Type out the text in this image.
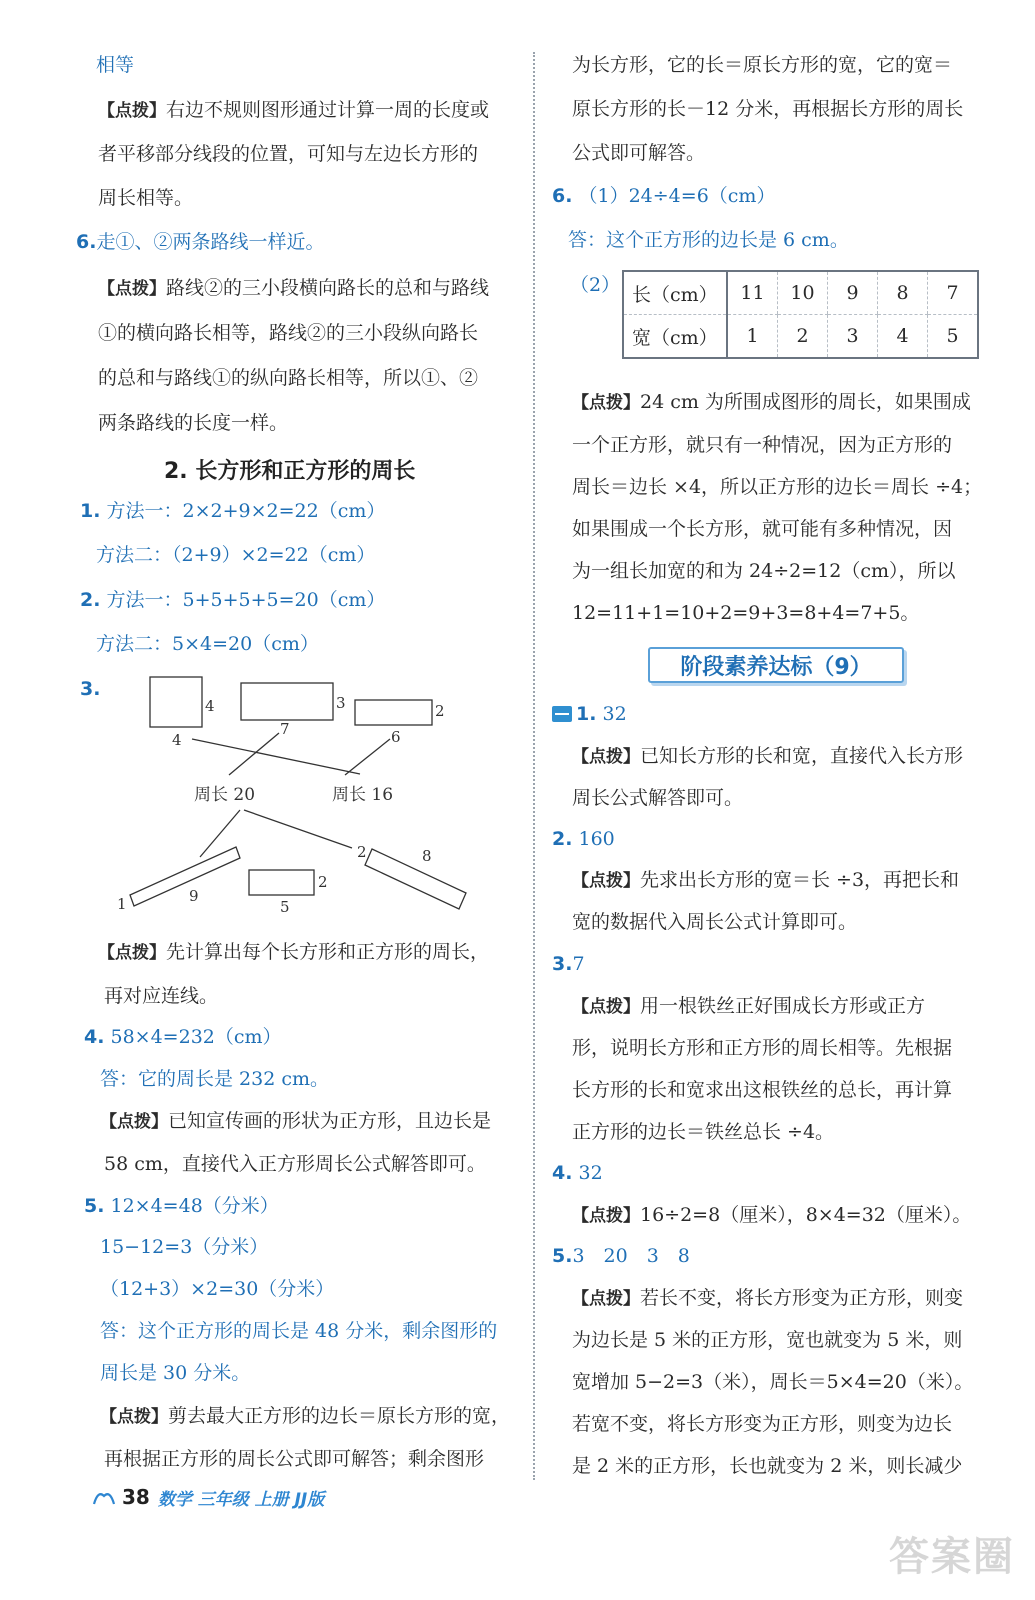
相等
【点拨】右边不规则图形通过计算一周的长度或
者平移部分线段的位置，可知与左边长方形的
周长相等。
6.走①、②两条路线一样近。
【点拨】路线②的三小段横向路长的总和与路线
①的横向路长相等，路线②的三小段纵向路长
的总和与路线①的纵向路长相等，所以①、②
两条路线的长度一样。
2. 长方形和正方形的周长
1. 方法一：2×2+9×2=22（cm）
方法二：（2+9）×2=22（cm）
2. 方法一：5+5+5+5=20（cm）
方法二：5×4=20（cm）
3.
4
4
3
7
2
6
周长 20	周长 16
1	9
2
5
2	8
【点拨】先计算出每个长方形和正方形的周长，
再对应连线。
4. 58×4=232（cm）
答：它的周长是 232 cm。
【点拨】已知宣传画的形状为正方形，且边长是
58 cm，直接代入正方形周长公式解答即可。
5. 12×4=48（分米）
15−12=3（分米）
（12+3）×2=30（分米）
答：这个正方形的周长是 48 分米，剩余图形的
周长是 30 分米。
【点拨】剪去最大正方形的边长＝原长方形的宽，
再根据正方形的周长公式即可解答；剩余图形
为长方形，它的长＝原长方形的宽，它的宽＝
原长方形的长－12 分米，再根据长方形的周长
公式即可解答。
6. （1）24÷4=6（cm）
答：这个正方形的边长是 6 cm。
（2） 长（cm）	11	10	9	8	7
宽（cm）	1	2	3	4	5
【点拨】24 cm 为所围成图形的周长，如果围成
一个正方形，就只有一种情况，因为正方形的
周长＝边长 ×4，所以正方形的边长＝周长 ÷4；
如果围成一个长方形，就可能有多种情况，因
为一组长加宽的和为 24÷2=12（cm），所以
12=11+1=10+2=9+3=8+4=7+5。
阶段素养达标（9）
1. 32
【点拨】已知长方形的长和宽，直接代入长方形
周长公式解答即可。
2. 160
【点拨】先求出长方形的宽＝长 ÷3，再把长和
宽的数据代入周长公式计算即可。
3.7
【点拨】用一根铁丝正好围成长方形或正方
形，说明长方形和正方形的周长相等。先根据
长方形的长和宽求出这根铁丝的总长，再计算
正方形的边长＝铁丝总长 ÷4。
4. 32
【点拨】16÷2=8（厘米），8×4=32（厘米）。
5.3　20　3　8
【点拨】若长不变，将长方形变为正方形，则变
为边长是 5 米的正方形，宽也就变为 5 米，则
宽增加 5−2=3（米），周长＝5×4=20（米）。
若宽不变，将长方形变为正方形，则变为边长
是 2 米的正方形，长也就变为 2 米，则长减少
38 数学 三年级 上册 JJ版
答案圈
